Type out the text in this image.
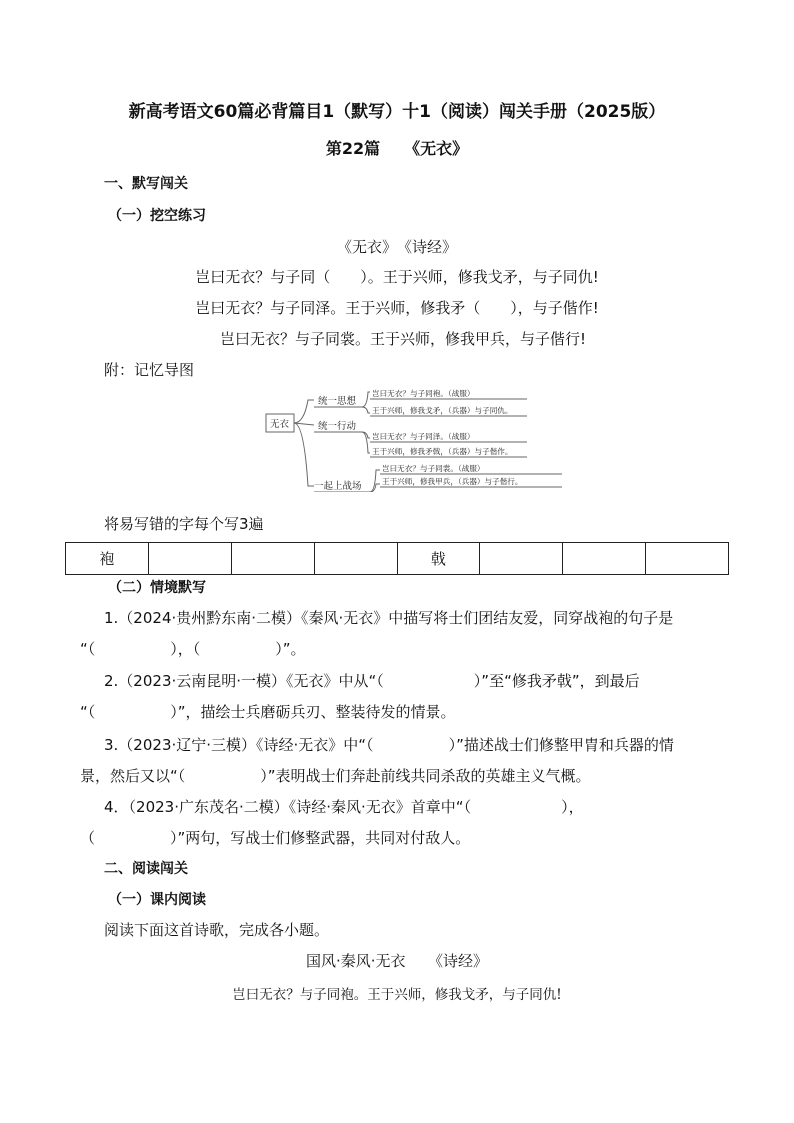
新高考语文60篇必背篇目1（默写）十1（阅读）闯关手册（2025版）
第22篇　　《无衣》
一、默写闯关
（一）挖空练习
《无衣》　《诗经》
岂曰无衣？与子同（　　）。王于兴师，修我戈矛，与子同仇!
岂曰无衣？与子同泽。王于兴师，修我矛（　　），与子偕作!
岂曰无衣？与子同裳。王于兴师，修我甲兵，与子偕行!
附：记忆导图
无衣
统一思想
统一行动
一起上战场
岂曰无衣？与子同袍。（战服）
王于兴师，修我戈矛，（兵器）与子同仇。
岂曰无衣？与子同泽。（战服）
王于兴师，修我矛戟，（兵器）与子偕作。
岂曰无衣？与子同裳。（战服）
王于兴师，修我甲兵，（兵器）与子偕行。
将易写错的字每个写3遍
袍				戟			
（二）情境默写
1.（2024·贵州黔东南·二模）《秦风·无衣》中描写将士们团结友爱，同穿战袍的句子是
“（　　　　　），（　　　　　）”。
2.（2023·云南昆明·一模）《无衣》中从“（　　　　　　）”至“修我矛戟”，到最后
“（　　　　　）”，描绘士兵磨砺兵刃、整装待发的情景。
3.（2023·辽宁·三模）《诗经·无衣》中“（　　　　　）”描述战士们修整甲胄和兵器的情
景，然后又以“（　　　　　）”表明战士们奔赴前线共同杀敌的英雄主义气概。
4．（2023·广东茂名·二模）《诗经·秦风·无衣》首章中“（　　　　　　），
（　　　　　）”两句，写战士们修整武器，共同对付敌人。
二、阅读闯关
（一）课内阅读
阅读下面这首诗歌，完成各小题。
国风·秦风·无衣　　《诗经》
岂曰无衣？与子同袍。王于兴师，修我戈矛，与子同仇!
